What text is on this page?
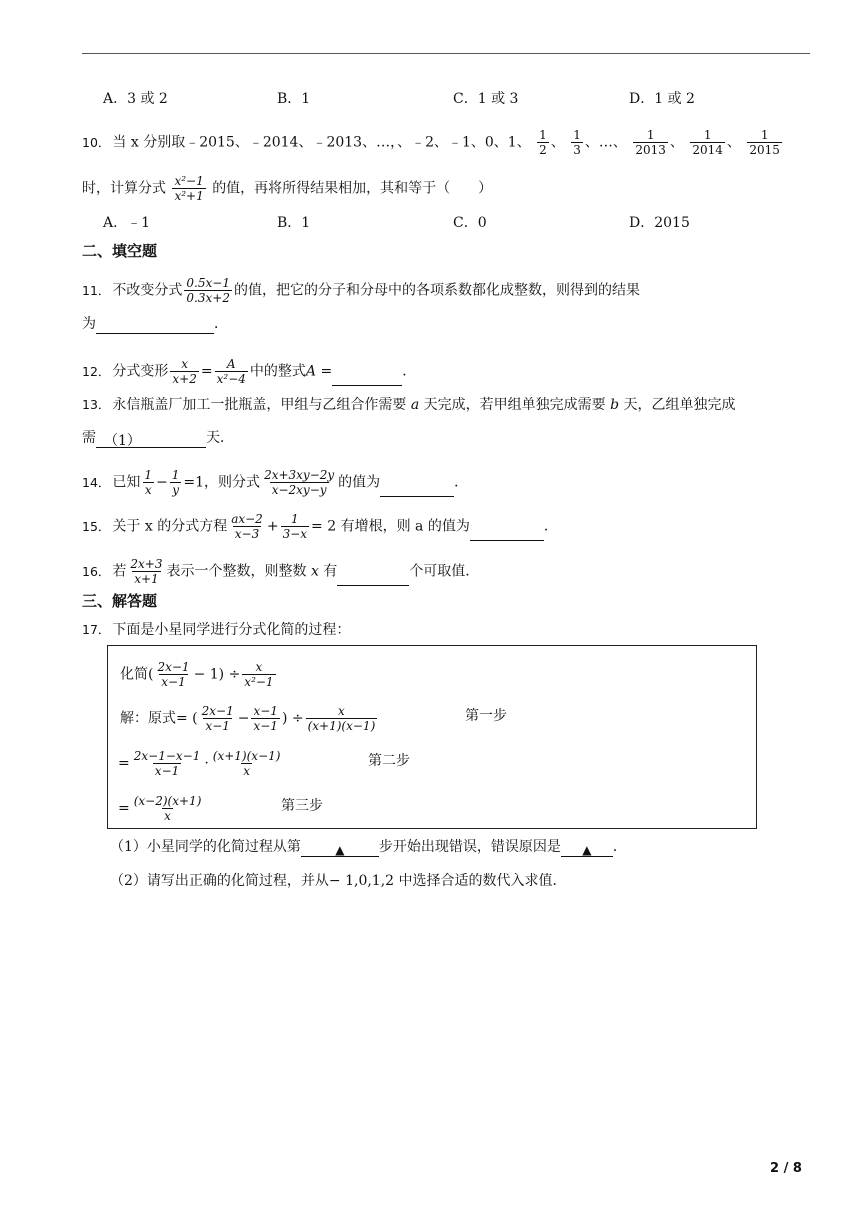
A．3 或 2	B．1	C．1 或 3	D．1 或 2
10． 当 x 分别取﹣2015、﹣2014、﹣2013、…，、﹣2、﹣1、0、1、 $\frac{1}{2}$ 、 $\frac{1}{3}$ 、…、 $\frac{1}{2013}$ 、 $\frac{1}{2014}$ 、 $\frac{1}{2015}$
时，计算分式 $\frac{\text{x²−1}}{\text{x²+1}}$ 的值，再将所得结果相加，其和等于（　　）
A．﹣1	B．1	C．0	D．2015
二、填空题
11． 不改变分式 $\frac{0.5x-1}{0.3x+2}$ 的值，把它的分子和分母中的各项系数都化成整数，则得到的结果
为	．
12． 分式变形 $\frac{x}{x+2} = \frac{A}{\text{x²−4}}$ 中的整式A =	．
13． 永信瓶盖厂加工一批瓶盖，甲组与乙组合作需要 a 天完成，若甲组单独完成需要 b 天，乙组单独完成
需 （1）	天．
14． 已知 $\frac{1}{x} - \frac{1}{y} =1$，则分式 $\frac{2x+3xy-2y}{x-2xy-y}$ 的值为	．
15． 关于 x 的分式方程 $\frac{ax-2}{x-3} + \frac{1}{3-x} = 2$ 有增根，则 a 的值为	．
16． 若 $\frac{2x+3}{x+1}$ 表示一个整数，则整数 x 有	个可取值．
三、解答题
17． 下面是小星同学进行分式化简的过程：
化简( $\frac{2x-1}{x-1} - 1) \div \frac{x}{\text{x²−1}}$
解：原式= ( $\frac{2x-1}{x-1} - \frac{x-1}{x-1}$ ) ÷ $\frac{x}{(x+1)(x-1)}$	第一步
= $\frac{2x-1-x-1}{x-1} \cdot \frac{(x+1)(x-1)}{x}$	第二步
= $\frac{(x-2)(x+1)}{x}$	第三步
（1）小星同学的化简过程从第	▲ 步开始出现错误，错误原因是 ▲ ．
（2）请写出正确的化简过程，并从− 1,0,1,2 中选择合适的数代入求值．
2 / 8
